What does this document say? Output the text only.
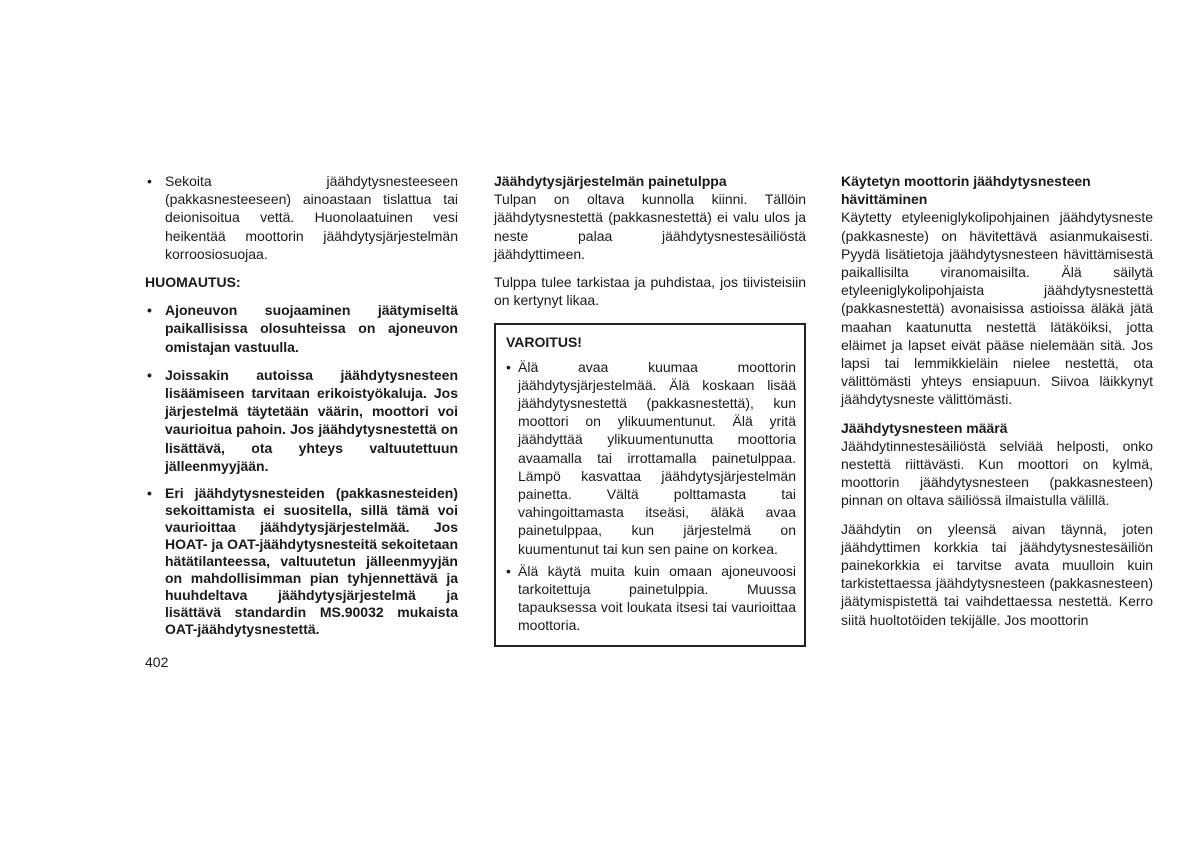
• Sekoita jäähdytysnesteeseen (pakkasnesteeseen) ainoastaan tislattua tai deionisoitua vettä. Huonolaatuinen vesi heikentää moottorin jäähdytysjärjestelmän korroosiosuojaa.

HUOMAUTUS:

• Ajoneuvon suojaaminen jäätymiseltä paikallisissa olosuhteissa on ajoneuvon omistajan vastuulla.
• Joissakin autoissa jäähdytysnesteen lisäämiseen tarvitaan erikoistyökaluja. Jos järjestelmä täytetään väärin, moottori voi vaurioitua pahoin. Jos jäähdytysnestettä on lisättävä, ota yhteys valtuutettuun jälleenmyyjään.
• Eri jäähdytysnesteiden (pakkasnesteiden) sekoittamista ei suositella, sillä tämä voi vaurioittaa jäähdytysjärjestelmää. Jos HOAT- ja OAT-jäähdytysnesteitä sekoitetaan hätätilanteessa, valtuutetun jälleenmyyjän on mahdollisimman pian tyhjennettävä ja huuhdeltava jäähdytysjärjestelmä ja lisättävä standardin MS.90032 mukaista OAT-jäähdytysnestettä.
Jäähdytysjärjestelmän painetulppa

Tulpan on oltava kunnolla kiinni. Tällöin jäähdytysnestettä (pakkasnestettä) ei valu ulos ja neste palaa jäähdytysnestesäiliöstä jäähdyttimeen.

Tulppa tulee tarkistaa ja puhdistaa, jos tiivisteisiin on kertynyt likaa.

VAROITUS!

• Älä avaa kuumaa moottorin jäähdytysjärjestelmää. Älä koskaan lisää jäähdytysnestettä (pakkasnestettä), kun moottori on ylikuumentunut. Älä yritä jäähdyttää ylikuumentunutta moottoria avaamalla tai irrottamalla painetulppaa. Lämpö kasvattaa jäähdytysjärjestelmän painetta. Vältä polttamasta tai vahingoittamasta itseäsi, äläkä avaa painetulppaa, kun järjestelmä on kuumentunut tai kun sen paine on korkea.
• Älä käytä muita kuin omaan ajoneuvoosi tarkoitettuja painetulppia. Muussa tapauksessa voit loukata itsesi tai vaurioittaa moottoria.
Käytetyn moottorin jäähdytysnesteen hävittäminen

Käytetty etyleeniglykolipohjainen jäähdytysneste (pakkasneste) on hävitettävä asianmukaisesti. Pyydä lisätietoja jäähdytysnesteen hävittämisestä paikallisilta viranomaisilta. Älä säilytä etyleeniglykolipohjaista jäähdytysnestettä (pakkasnestettä) avonaisissa astioissa äläkä jätä maahan kaatunutta nestettä lätäköiksi, jotta eläimet ja lapset eivät pääse nielemään sitä. Jos lapsi tai lemmikkieläin nielee nestettä, ota välittömästi yhteys ensiapuun. Siivoa läikkynyt jäähdytysneste välittömästi.

Jäähdytysnesteen määrä

Jäähdytinnestesäiliöstä selviää helposti, onko nestettä riittävästi. Kun moottori on kylmä, moottorin jäähdytysnesteen (pakkasnesteen) pinnan on oltava säiliössä ilmaistulla välillä.

Jäähdytin on yleensä aivan täynnä, joten jäähdyttimen korkkia tai jäähdytysnestesäiliön painekorkkia ei tarvitse avata muulloin kuin tarkistettaessa jäähdytysnesteen (pakkasnesteen) jäätymispistettä tai vaihdettaessa nestettä. Kerro siitä huoltotöiden tekijälle. Jos moottorin

402
